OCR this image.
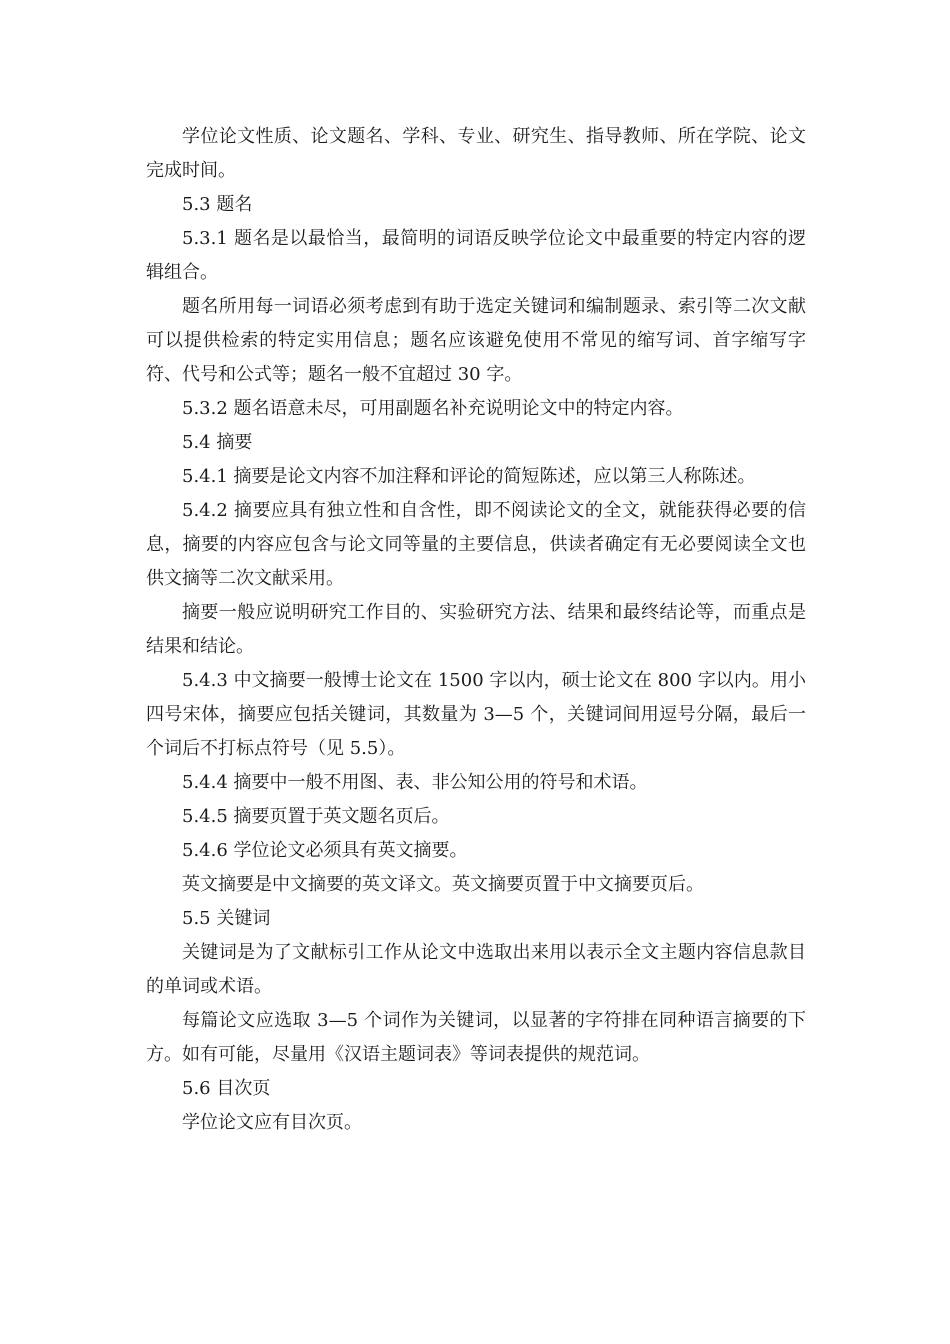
学位论文性质、论文题名、学科、专业、研究生、指导教师、所在学院、论文完成时间。

5.3 题名

5.3.1 题名是以最恰当，最简明的词语反映学位论文中最重要的特定内容的逻辑组合。

题名所用每一词语必须考虑到有助于选定关键词和编制题录、索引等二次文献可以提供检索的特定实用信息；题名应该避免使用不常见的缩写词、首字缩写字符、代号和公式等；题名一般不宜超过 30 字。

5.3.2 题名语意未尽，可用副题名补充说明论文中的特定内容。

5.4 摘要

5.4.1 摘要是论文内容不加注释和评论的简短陈述，应以第三人称陈述。

5.4.2 摘要应具有独立性和自含性，即不阅读论文的全文，就能获得必要的信息，摘要的内容应包含与论文同等量的主要信息，供读者确定有无必要阅读全文也供文摘等二次文献采用。

摘要一般应说明研究工作目的、实验研究方法、结果和最终结论等，而重点是结果和结论。

5.4.3 中文摘要一般博士论文在 1500 字以内，硕士论文在 800 字以内。用小四号宋体，摘要应包括关键词，其数量为 3—5 个，关键词间用逗号分隔，最后一个词后不打标点符号（见 5.5）。

5.4.4 摘要中一般不用图、表、非公知公用的符号和术语。

5.4.5 摘要页置于英文题名页后。

5.4.6 学位论文必须具有英文摘要。

英文摘要是中文摘要的英文译文。英文摘要页置于中文摘要页后。

5.5 关键词

关键词是为了文献标引工作从论文中选取出来用以表示全文主题内容信息款目的单词或术语。

每篇论文应选取 3—5 个词作为关键词，以显著的字符排在同种语言摘要的下方。如有可能，尽量用《汉语主题词表》等词表提供的规范词。

5.6 目次页

学位论文应有目次页。
